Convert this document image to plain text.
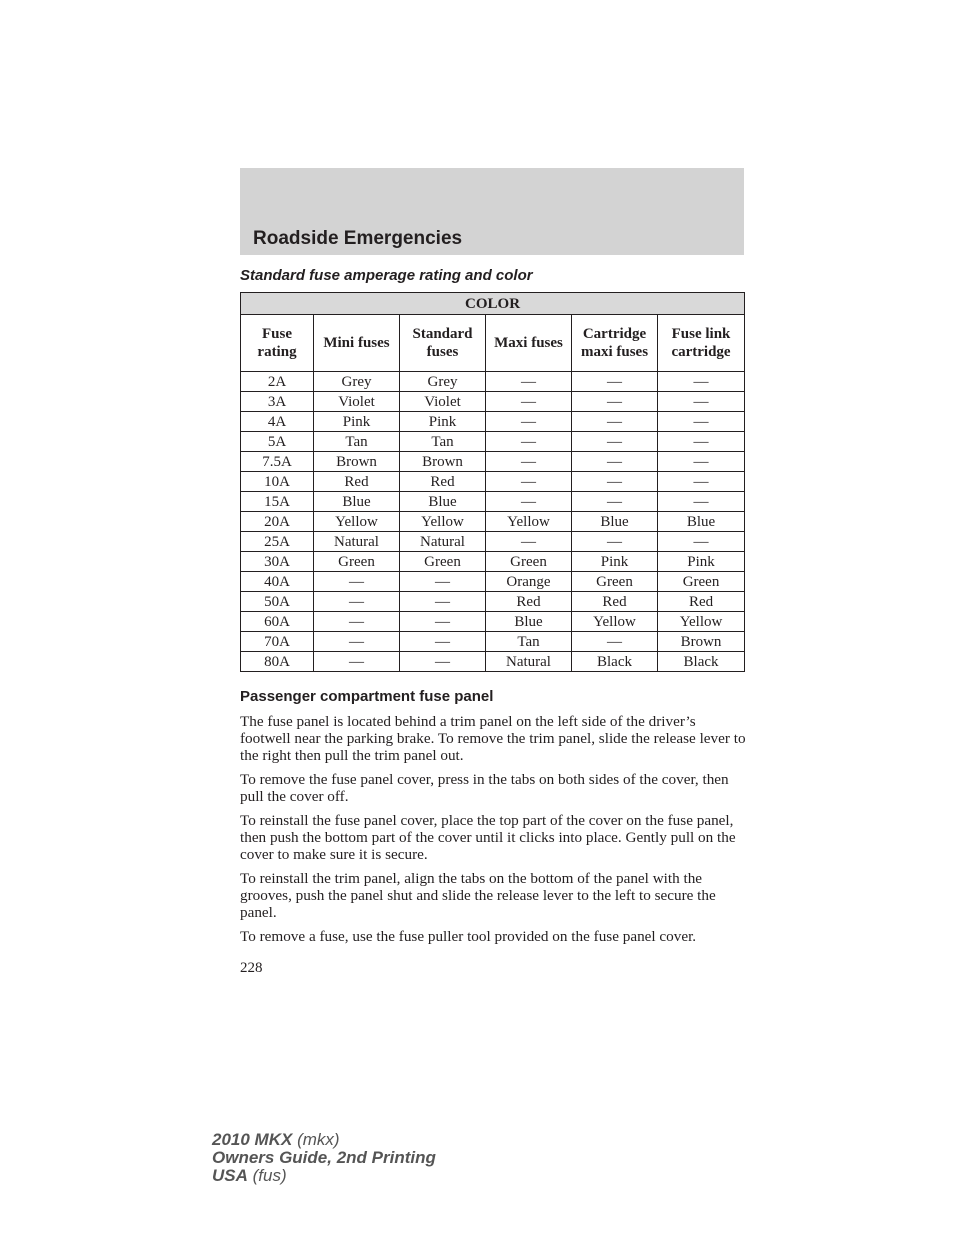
Roadside Emergencies
Standard fuse amperage rating and color
COLOR					
Fuse rating	Mini fuses	Standard fuses	Maxi fuses	Cartridge maxi fuses	Fuse link cartridge
2A	Grey	Grey	—	—	—
3A	Violet	Violet	—	—	—
4A	Pink	Pink	—	—	—
5A	Tan	Tan	—	—	—
7.5A	Brown	Brown	—	—	—
10A	Red	Red	—	—	—
15A	Blue	Blue	—	—	—
20A	Yellow	Yellow	Yellow	Blue	Blue
25A	Natural	Natural	—	—	—
30A	Green	Green	Green	Pink	Pink
40A	—	—	Orange	Green	Green
50A	—	—	Red	Red	Red
60A	—	—	Blue	Yellow	Yellow
70A	—	—	Tan	—	Brown
80A	—	—	Natural	Black	Black
Passenger compartment fuse panel

The fuse panel is located behind a trim panel on the left side of the driver’s footwell near the parking brake. To remove the trim panel, slide the release lever to the right then pull the trim panel out.

To remove the fuse panel cover, press in the tabs on both sides of the cover, then pull the cover off.

To reinstall the fuse panel cover, place the top part of the cover on the fuse panel, then push the bottom part of the cover until it clicks into place. Gently pull on the cover to make sure it is secure.

To reinstall the trim panel, align the tabs on the bottom of the panel with the grooves, push the panel shut and slide the release lever to the left to secure the panel.

To remove a fuse, use the fuse puller tool provided on the fuse panel cover.

228
2010 MKX (mkx)
Owners Guide, 2nd Printing
USA (fus)
